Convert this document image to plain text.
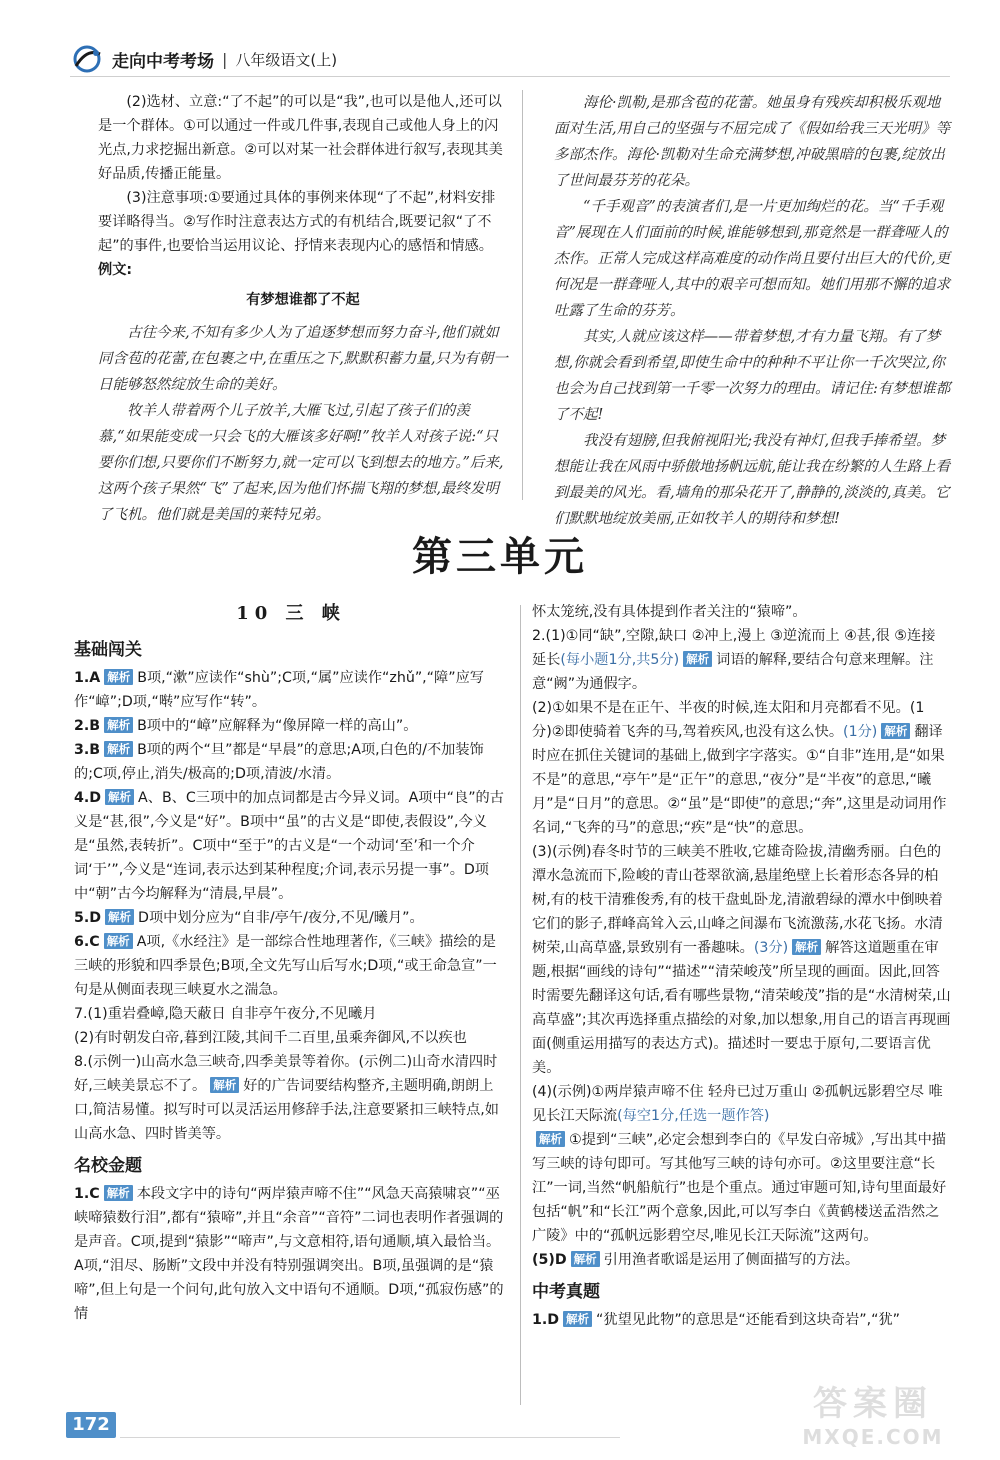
走向中考考场 | 八年级语文(上)

(2)选材、立意:“了不起”的可以是“我”,也可以是他人,还可以是一个群体。①可以通过一件或几件事,表现自己或他人身上的闪光点,力求挖掘出新意。②可以对某一社会群体进行叙写,表现其美好品质,传播正能量。

(3)注意事项:①要通过具体的事例来体现“了不起”,材料安排要详略得当。②写作时注意表达方式的有机结合,既要记叙“了不起”的事件,也要恰当运用议论、抒情来表现内心的感悟和情感。

例文:

有梦想谁都了不起

古往今来,不知有多少人为了追逐梦想而努力奋斗,他们就如同含苞的花蕾,在包裹之中,在重压之下,默默积蓄力量,只为有朝一日能够怒然绽放生命的美好。

牧羊人带着两个儿子放羊,大雁飞过,引起了孩子们的羡慕,“如果能变成一只会飞的大雁该多好啊!”牧羊人对孩子说:“只要你们想,只要你们不断努力,就一定可以飞到想去的地方。”后来,这两个孩子果然“飞”了起来,因为他们怀揣飞翔的梦想,最终发明了飞机。他们就是美国的莱特兄弟。

海伦·凯勒,是那含苞的花蕾。她虽身有残疾却积极乐观地面对生活,用自己的坚强与不屈完成了《假如给我三天光明》等多部杰作。海伦·凯勒对生命充满梦想,冲破黑暗的包裹,绽放出了世间最芬芳的花朵。

“千手观音”的表演者们,是一片更加绚烂的花。当“千手观音”展现在人们面前的时候,谁能够想到,那竟然是一群聋哑人的杰作。正常人完成这样高难度的动作尚且要付出巨大的代价,更何况是一群聋哑人,其中的艰辛可想而知。她们用那不懈的追求吐露了生命的芬芳。

其实,人就应该这样——带着梦想,才有力量飞翔。有了梦想,你就会看到希望,即使生命中的种种不平让你一千次哭泣,你也会为自己找到第一千零一次努力的理由。请记住:有梦想谁都了不起!

我没有翅膀,但我俯视阳光;我没有神灯,但我手捧希望。梦想能让我在风雨中骄傲地扬帆远航,能让我在纷繁的人生路上看到最美的风光。看,墙角的那朵花开了,静静的,淡淡的,真美。它们默默地绽放美丽,正如牧羊人的期待和梦想!

第三单元

10 三 峡

基础闯关

1.A 解析 B项,“漱”应读作“shù”;C项,“属”应读作“zhǔ”,“障”应写作“嶂”;D项,“啭”应写作“转”。

2.B 解析 B项中的“嶂”应解释为“像屏障一样的高山”。

3.B 解析 B项的两个“旦”都是“早晨”的意思;A项,白色的/不加装饰的;C项,停止,消失/极高的;D项,清波/水清。

4.D 解析 A、B、C三项中的加点词都是古今异义词。A项中“良”的古义是“甚,很”,今义是“好”。B项中“虽”的古义是“即使,表假设”,今义是“虽然,表转折”。C项中“至于”的古义是“一个动词‘至’和一个介词‘于’”,今义是“连词,表示达到某种程度;介词,表示另提一事”。D项中“朝”古今均解释为“清晨,早晨”。

5.D 解析 D项中划分应为“自非/亭午/夜分,不见/曦月”。

6.C 解析 A项,《水经注》是一部综合性地理著作,《三峡》描绘的是三峡的形貌和四季景色;B项,全文先写山后写水;D项,“或王命急宣”一句是从侧面表现三峡夏水之湍急。

7.(1)重岩叠嶂,隐天蔽日 自非亭午夜分,不见曦月

(2)有时朝发白帝,暮到江陵,其间千二百里,虽乘奔御风,不以疾也

8.(示例一)山高水急三峡奇,四季美景等着你。(示例二)山奇水清四时好,三峡美景忘不了。 解析 好的广告词要结构整齐,主题明确,朗朗上口,简洁易懂。拟写时可以灵活运用修辞手法,注意要紧扣三峡特点,如山高水急、四时皆美等。

名校金题

1.C 解析 本段文字中的诗句“两岸猿声啼不住”“风急天高猿啸哀”“巫峡啼猿数行泪”,都有“猿啼”,并且“余音”“音符”二词也表明作者强调的是声音。C项,提到“猿影”“啼声”,与文意相符,语句通顺,填入最恰当。A项,“泪尽、肠断”文段中并没有特别强调突出。B项,虽强调的是“猿啼”,但上句是一个问句,此句放入文中语句不通顺。D项,“孤寂伤感”的情

怀太笼统,没有具体提到作者关注的“猿啼”。

2.(1)①同“缺”,空隙,缺口 ②冲上,漫上 ③逆流而上 ④甚,很 ⑤连接 延长(每小题1分,共5分) 解析 词语的解释,要结合句意来理解。注意“阙”为通假字。

(2)①如果不是在正午、半夜的时候,连太阳和月亮都看不见。(1分)②即使骑着飞奔的马,驾着疾风,也没有这么快。(1分) 解析 翻译时应在抓住关键词的基础上,做到字字落实。①“自非”连用,是“如果不是”的意思,“亭午”是“正午”的意思,“夜分”是“半夜”的意思,“曦月”是“日月”的意思。②“虽”是“即使”的意思;“奔”,这里是动词用作名词,“飞奔的马”的意思;“疾”是“快”的意思。

(3)(示例)春冬时节的三峡美不胜收,它雄奇险拔,清幽秀丽。白色的潭水急流而下,险峻的青山苍翠欲滴,悬崖绝壁上长着形态各异的柏树,有的枝干清雅俊秀,有的枝干盘虬卧龙,清澈碧绿的潭水中倒映着它们的影子,群峰高耸入云,山峰之间瀑布飞流激荡,水花飞扬。水清树荣,山高草盛,景致别有一番趣味。(3分) 解析 解答这道题重在审题,根据“画线的诗句”“描述”“清荣峻茂”所呈现的画面。因此,回答时需要先翻译这句话,看有哪些景物,“清荣峻茂”指的是“水清树荣,山高草盛”;其次再选择重点描绘的对象,加以想象,用自己的语言再现画面(侧重运用描写的表达方式)。描述时一要忠于原句,二要语言优美。

(4)(示例)①两岸猿声啼不住 轻舟已过万重山 ②孤帆远影碧空尽 唯见长江天际流(每空1分,任选一题作答)

解析 ①提到“三峡”,必定会想到李白的《早发白帝城》,写出其中描写三峡的诗句即可。写其他写三峡的诗句亦可。②这里要注意“长江”一词,当然“帆船航行”也是个重点。通过审题可知,诗句里面最好包括“帆”和“长江”两个意象,因此,可以写李白《黄鹤楼送孟浩然之广陵》中的“孤帆远影碧空尽,唯见长江天际流”这两句。

(5)D 解析 引用渔者歌谣是运用了侧面描写的方法。

中考真题

1.D 解析 “犹望见此物”的意思是“还能看到这块奇岩”,“犹”

172
答案圈
MXQE.COM
